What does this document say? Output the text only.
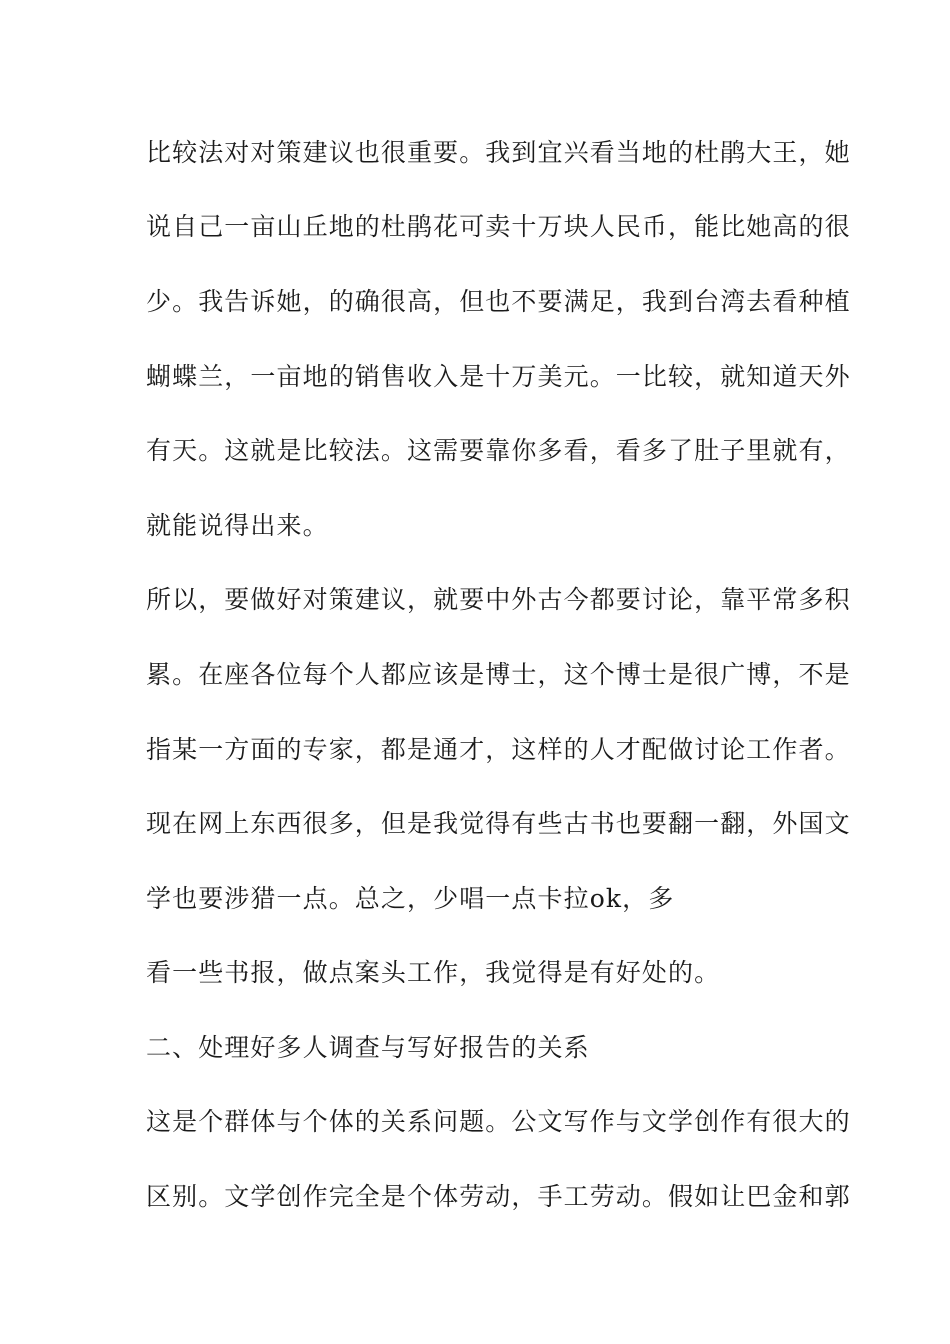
比较法对对策建议也很重要。我到宜兴看当地的杜鹃大王，她

说自己一亩山丘地的杜鹃花可卖十万块人民币，能比她高的很

少。我告诉她，的确很高，但也不要满足，我到台湾去看种植

蝴蝶兰，一亩地的销售收入是十万美元。一比较，就知道天外

有天。这就是比较法。这需要靠你多看，看多了肚子里就有，

就能说得出来。

所以，要做好对策建议，就要中外古今都要讨论，靠平常多积

累。在座各位每个人都应该是博士，这个博士是很广博，不是

指某一方面的专家，都是通才，这样的人才配做讨论工作者。

现在网上东西很多，但是我觉得有些古书也要翻一翻，外国文

学也要涉猎一点。总之，少唱一点卡拉ok，多

看一些书报，做点案头工作，我觉得是有好处的。

二、处理好多人调查与写好报告的关系

这是个群体与个体的关系问题。公文写作与文学创作有很大的

区别。文学创作完全是个体劳动，手工劳动。假如让巴金和郭
